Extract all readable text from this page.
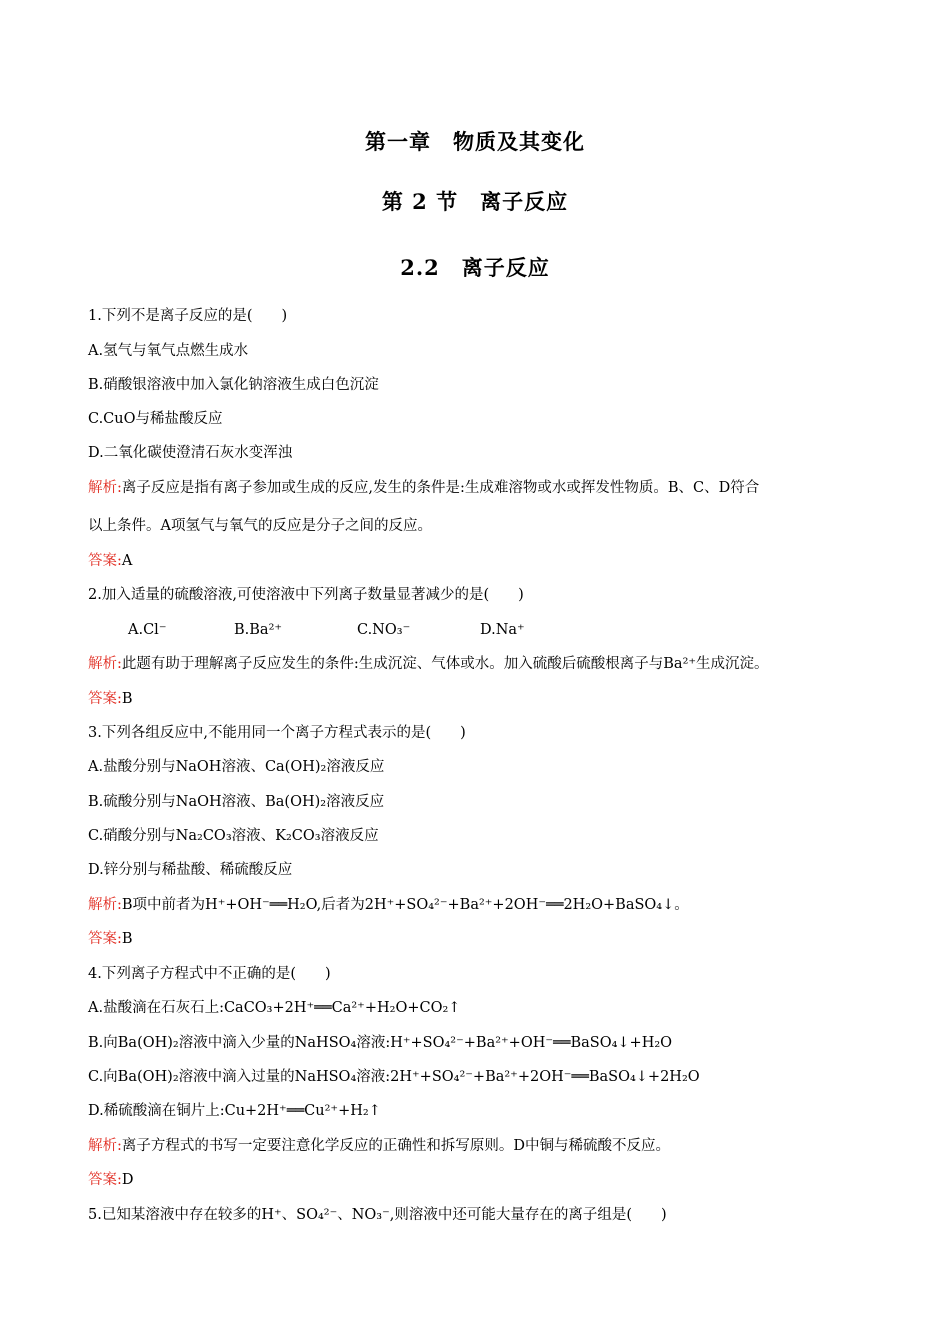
第一章　物质及其变化
第 2 节　离子反应
2.2　离子反应
1.下列不是离子反应的是(　　)
A.氢气与氧气点燃生成水
B.硝酸银溶液中加入氯化钠溶液生成白色沉淀
C.CuO与稀盐酸反应
D.二氧化碳使澄清石灰水变浑浊
解析:离子反应是指有离子参加或生成的反应,发生的条件是:生成难溶物或水或挥发性物质。B、C、D符合
以上条件。A项氢气与氧气的反应是分子之间的反应。
答案:A
2.加入适量的硫酸溶液,可使溶液中下列离子数量显著减少的是(　　)
A.Cl⁻	B.Ba²⁺	C.NO₃⁻	D.Na⁺
解析:此题有助于理解离子反应发生的条件:生成沉淀、气体或水。加入硫酸后硫酸根离子与Ba²⁺生成沉淀。
答案:B
3.下列各组反应中,不能用同一个离子方程式表示的是(　　)
A.盐酸分别与NaOH溶液、Ca(OH)₂溶液反应
B.硫酸分别与NaOH溶液、Ba(OH)₂溶液反应
C.硝酸分别与Na₂CO₃溶液、K₂CO₃溶液反应
D.锌分别与稀盐酸、稀硫酸反应
解析:B项中前者为H⁺+OH⁻══H₂O,后者为2H⁺+SO₄²⁻+Ba²⁺+2OH⁻══2H₂O+BaSO₄↓。
答案:B
4.下列离子方程式中不正确的是(　　)
A.盐酸滴在石灰石上:CaCO₃+2H⁺══Ca²⁺+H₂O+CO₂↑
B.向Ba(OH)₂溶液中滴入少量的NaHSO₄溶液:H⁺+SO₄²⁻+Ba²⁺+OH⁻══BaSO₄↓+H₂O
C.向Ba(OH)₂溶液中滴入过量的NaHSO₄溶液:2H⁺+SO₄²⁻+Ba²⁺+2OH⁻══BaSO₄↓+2H₂O
D.稀硫酸滴在铜片上:Cu+2H⁺══Cu²⁺+H₂↑
解析:离子方程式的书写一定要注意化学反应的正确性和拆写原则。D中铜与稀硫酸不反应。
答案:D
5.已知某溶液中存在较多的H⁺、SO₄²⁻、NO₃⁻,则溶液中还可能大量存在的离子组是(　　)
